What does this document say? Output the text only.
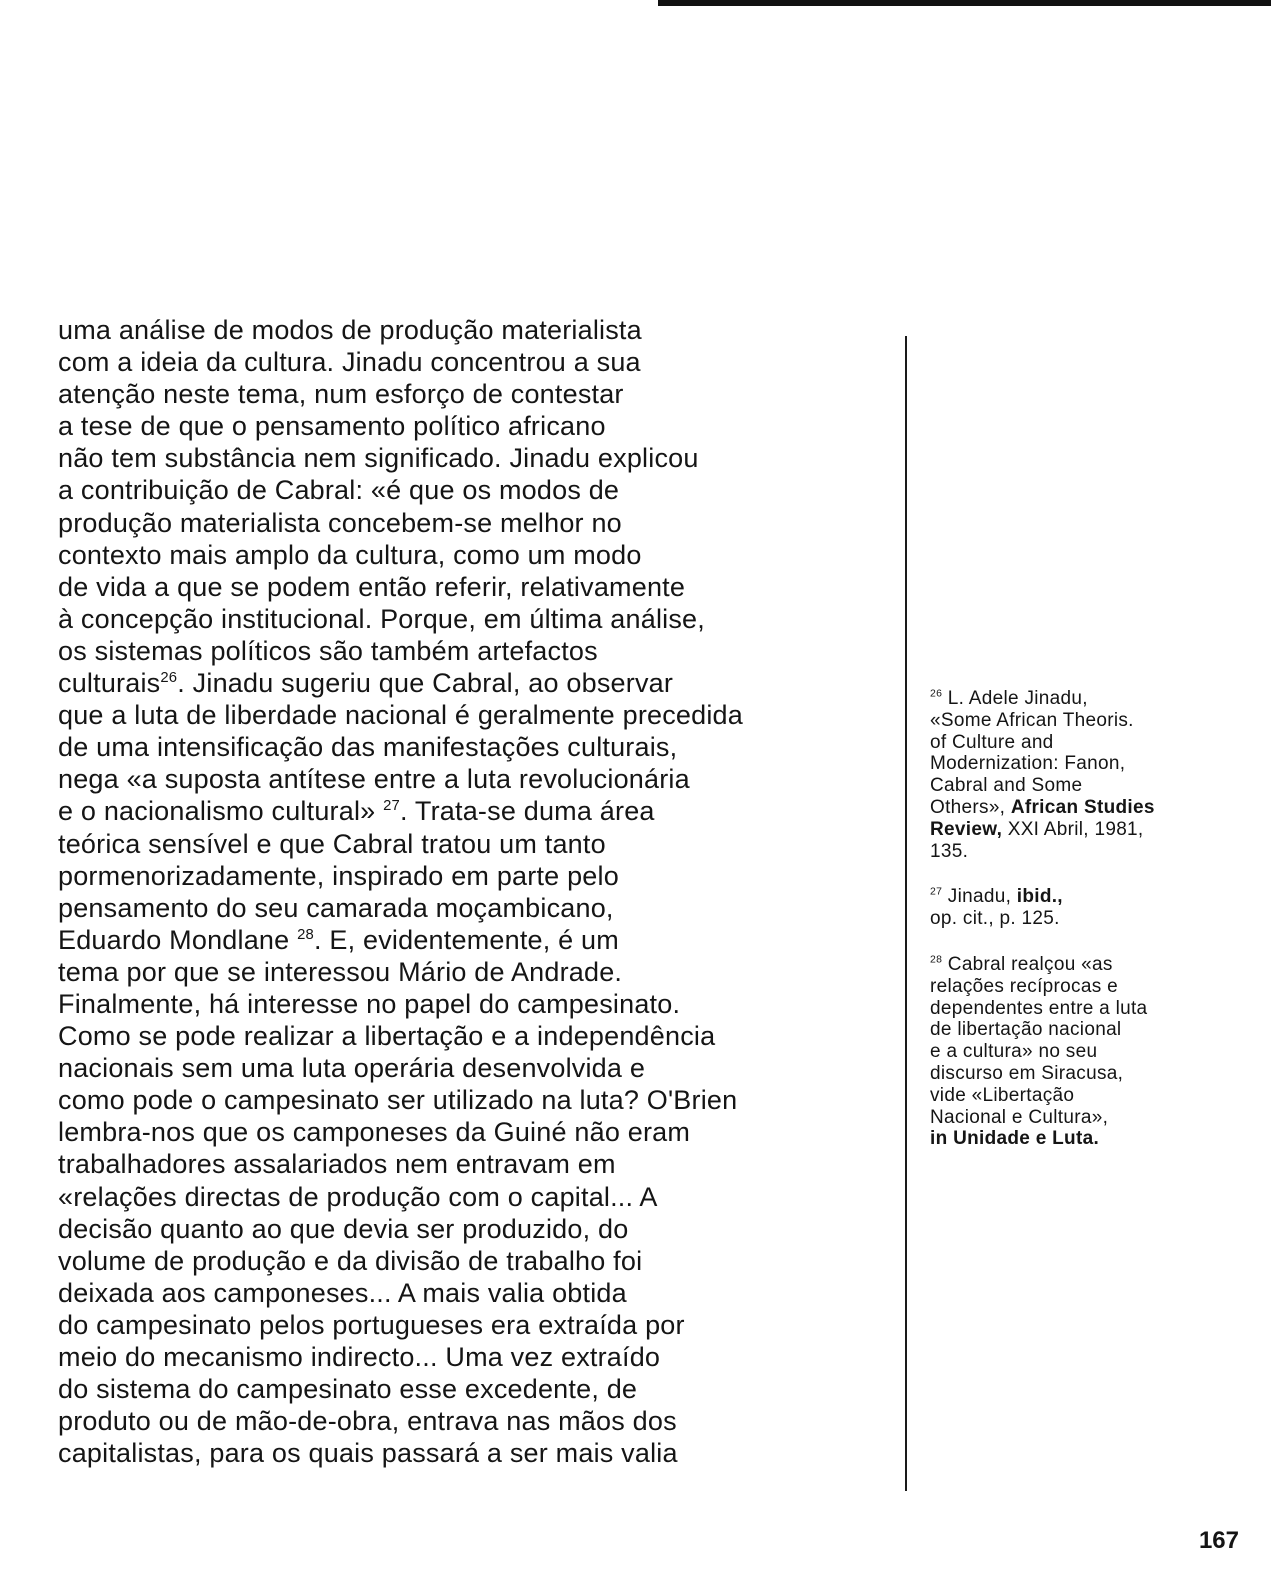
uma análise de modos de produção materialista
com a ideia da cultura. Jinadu concentrou a sua
atenção neste tema, num esforço de contestar
a tese de que o pensamento político africano
não tem substância nem significado. Jinadu explicou
a contribuição de Cabral: «é que os modos de
produção materialista concebem-se melhor no
contexto mais amplo da cultura, como um modo
de vida a que se podem então referir, relativamente
à concepção institucional. Porque, em última análise,
os sistemas políticos são também artefactos
culturais$^{26}$. Jinadu sugeriu que Cabral, ao observar
que a luta de liberdade nacional é geralmente precedida
de uma intensificação das manifestações culturais,
nega «a suposta antítese entre a luta revolucionária
e o nacionalismo cultural» $^{27}$. Trata-se duma área
teórica sensível e que Cabral tratou um tanto
pormenorizadamente, inspirado em parte pelo
pensamento do seu camarada moçambicano,
Eduardo Mondlane $^{28}$. E, evidentemente, é um
tema por que se interessou Mário de Andrade.
Finalmente, há interesse no papel do campesinato.
Como se pode realizar a libertação e a independência
nacionais sem uma luta operária desenvolvida e
como pode o campesinato ser utilizado na luta? O'Brien
lembra-nos que os camponeses da Guiné não eram
trabalhadores assalariados nem entravam em
«relações directas de produção com o capital... A
decisão quanto ao que devia ser produzido, do
volume de produção e da divisão de trabalho foi
deixada aos camponeses... A mais valia obtida
do campesinato pelos portugueses era extraída por
meio do mecanismo indirecto... Uma vez extraído
do sistema do campesinato esse excedente, de
produto ou de mão-de-obra, entrava nas mãos dos
capitalistas, para os quais passará a ser mais valia
$^{26}$ L. Adele Jinadu,
«Some African Theoris.
of Culture and
Modernization: Fanon,
Cabral and Some
Others», African Studies
Review, XXI Abril, 1981,
135.
$^{27}$ Jinadu, ibid.,
op. cit., p. 125.
$^{28}$ Cabral realçou «as
relações recíprocas e
dependentes entre a luta
de libertação nacional
e a cultura» no seu
discurso em Siracusa,
vide «Libertação
Nacional e Cultura»,
in Unidade e Luta.
167
